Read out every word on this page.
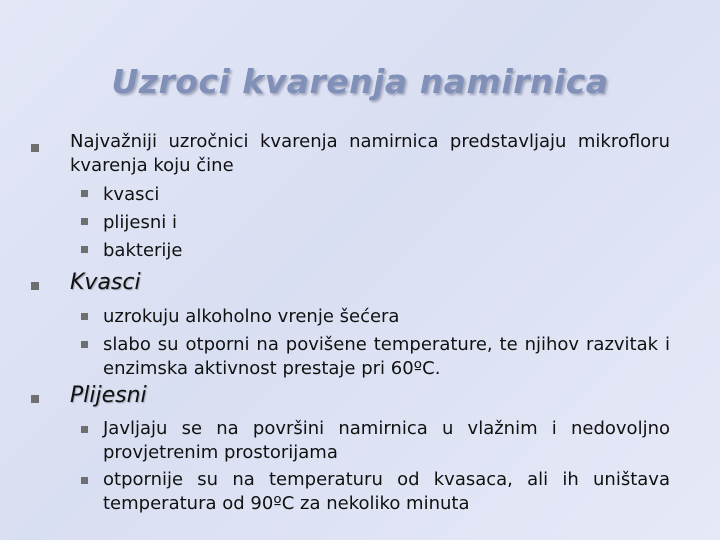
Uzroci kvarenja namirnica
Najvažniji uzročnici kvarenja namirnica predstavljaju mikrofloru kvarenja koju čine
kvasci
plijesni i
bakterije
Kvasci
uzrokuju alkoholno vrenje šećera
slabo su otporni na povišene temperature, te njihov razvitak i enzimska aktivnost prestaje pri 60ºC.
Plijesni
Javljaju se na površini namirnica u vlažnim i nedovoljno provjetrenim prostorijama
otpornije su na temperaturu od kvasaca, ali ih uništava temperatura od 90ºC za nekoliko minuta
